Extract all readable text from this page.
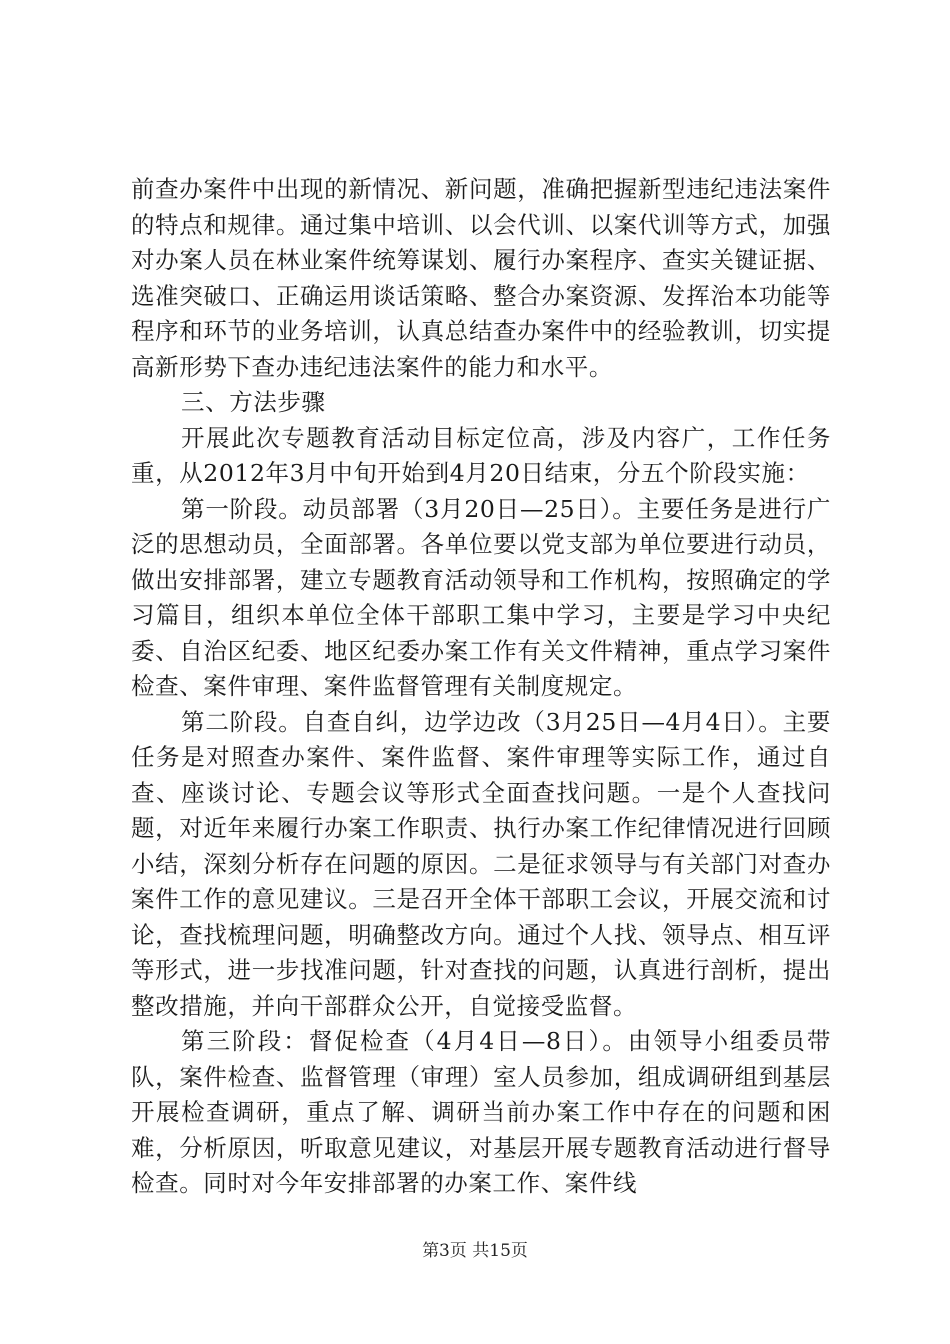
前查办案件中出现的新情况、新问题，准确把握新型违纪违法案件的特点和规律。通过集中培训、以会代训、以案代训等方式，加强对办案人员在林业案件统筹谋划、履行办案程序、查实关键证据、选准突破口、正确运用谈话策略、整合办案资源、发挥治本功能等程序和环节的业务培训，认真总结查办案件中的经验教训，切实提高新形势下查办违纪违法案件的能力和水平。

三、方法步骤

开展此次专题教育活动目标定位高，涉及内容广，工作任务重，从2012年3月中旬开始到4月20日结束，分五个阶段实施：

第一阶段。动员部署（3月20日—25日）。主要任务是进行广泛的思想动员，全面部署。各单位要以党支部为单位要进行动员，做出安排部署，建立专题教育活动领导和工作机构，按照确定的学习篇目，组织本单位全体干部职工集中学习，主要是学习中央纪委、自治区纪委、地区纪委办案工作有关文件精神，重点学习案件检查、案件审理、案件监督管理有关制度规定。

第二阶段。自查自纠，边学边改（3月25日—4月4日）。主要任务是对照查办案件、案件监督、案件审理等实际工作，通过自查、座谈讨论、专题会议等形式全面查找问题。一是个人查找问题，对近年来履行办案工作职责、执行办案工作纪律情况进行回顾小结，深刻分析存在问题的原因。二是征求领导与有关部门对查办案件工作的意见建议。三是召开全体干部职工会议，开展交流和讨论，查找梳理问题，明确整改方向。通过个人找、领导点、相互评等形式，进一步找准问题，针对查找的问题，认真进行剖析，提出整改措施，并向干部群众公开，自觉接受监督。

第三阶段：督促检查（4月4日—8日）。由领导小组委员带队，案件检查、监督管理（审理）室人员参加，组成调研组到基层开展检查调研，重点了解、调研当前办案工作中存在的问题和困难，分析原因，听取意见建议，对基层开展专题教育活动进行督导检查。同时对今年安排部署的办案工作、案件线

第3页 共15页
